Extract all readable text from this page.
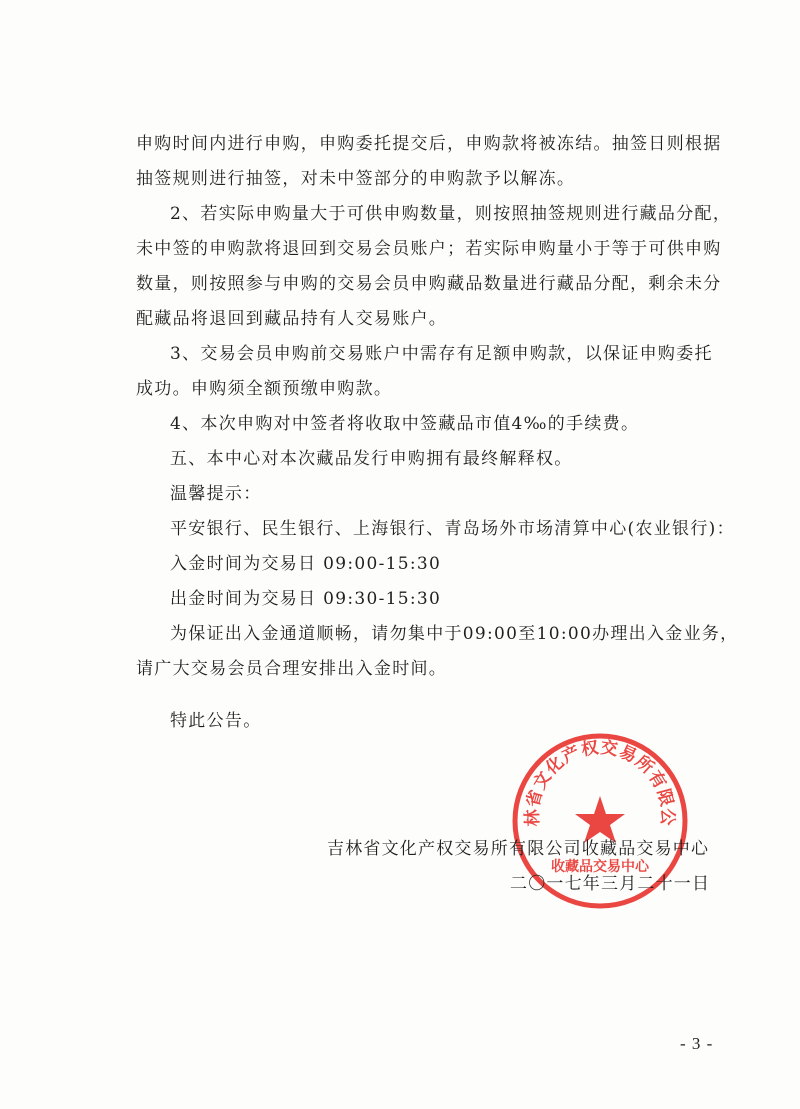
申购时间内进行申购，申购委托提交后，申购款将被冻结。抽签日则根据
抽签规则进行抽签，对未中签部分的申购款予以解冻。
2、若实际申购量大于可供申购数量，则按照抽签规则进行藏品分配，
未中签的申购款将退回到交易会员账户；若实际申购量小于等于可供申购
数量，则按照参与申购的交易会员申购藏品数量进行藏品分配，剩余未分
配藏品将退回到藏品持有人交易账户。
3、交易会员申购前交易账户中需存有足额申购款，以保证申购委托
成功。申购须全额预缴申购款。
4、本次申购对中签者将收取中签藏品市值4‰的手续费。
五、本中心对本次藏品发行申购拥有最终解释权。
温馨提示：
平安银行、民生银行、上海银行、青岛场外市场清算中心(农业银行)：
入金时间为交易日 09:00-15:30
出金时间为交易日 09:30-15:30
为保证出入金通道顺畅，请勿集中于09:00至10:00办理出入金业务，
请广大交易会员合理安排出入金时间。
特此公告。
林省文化产权交易所有限公
收藏品交易中心
吉林省文化产权交易所有限公司收藏品交易中心
二〇一七年三月二十一日
- 3 -
